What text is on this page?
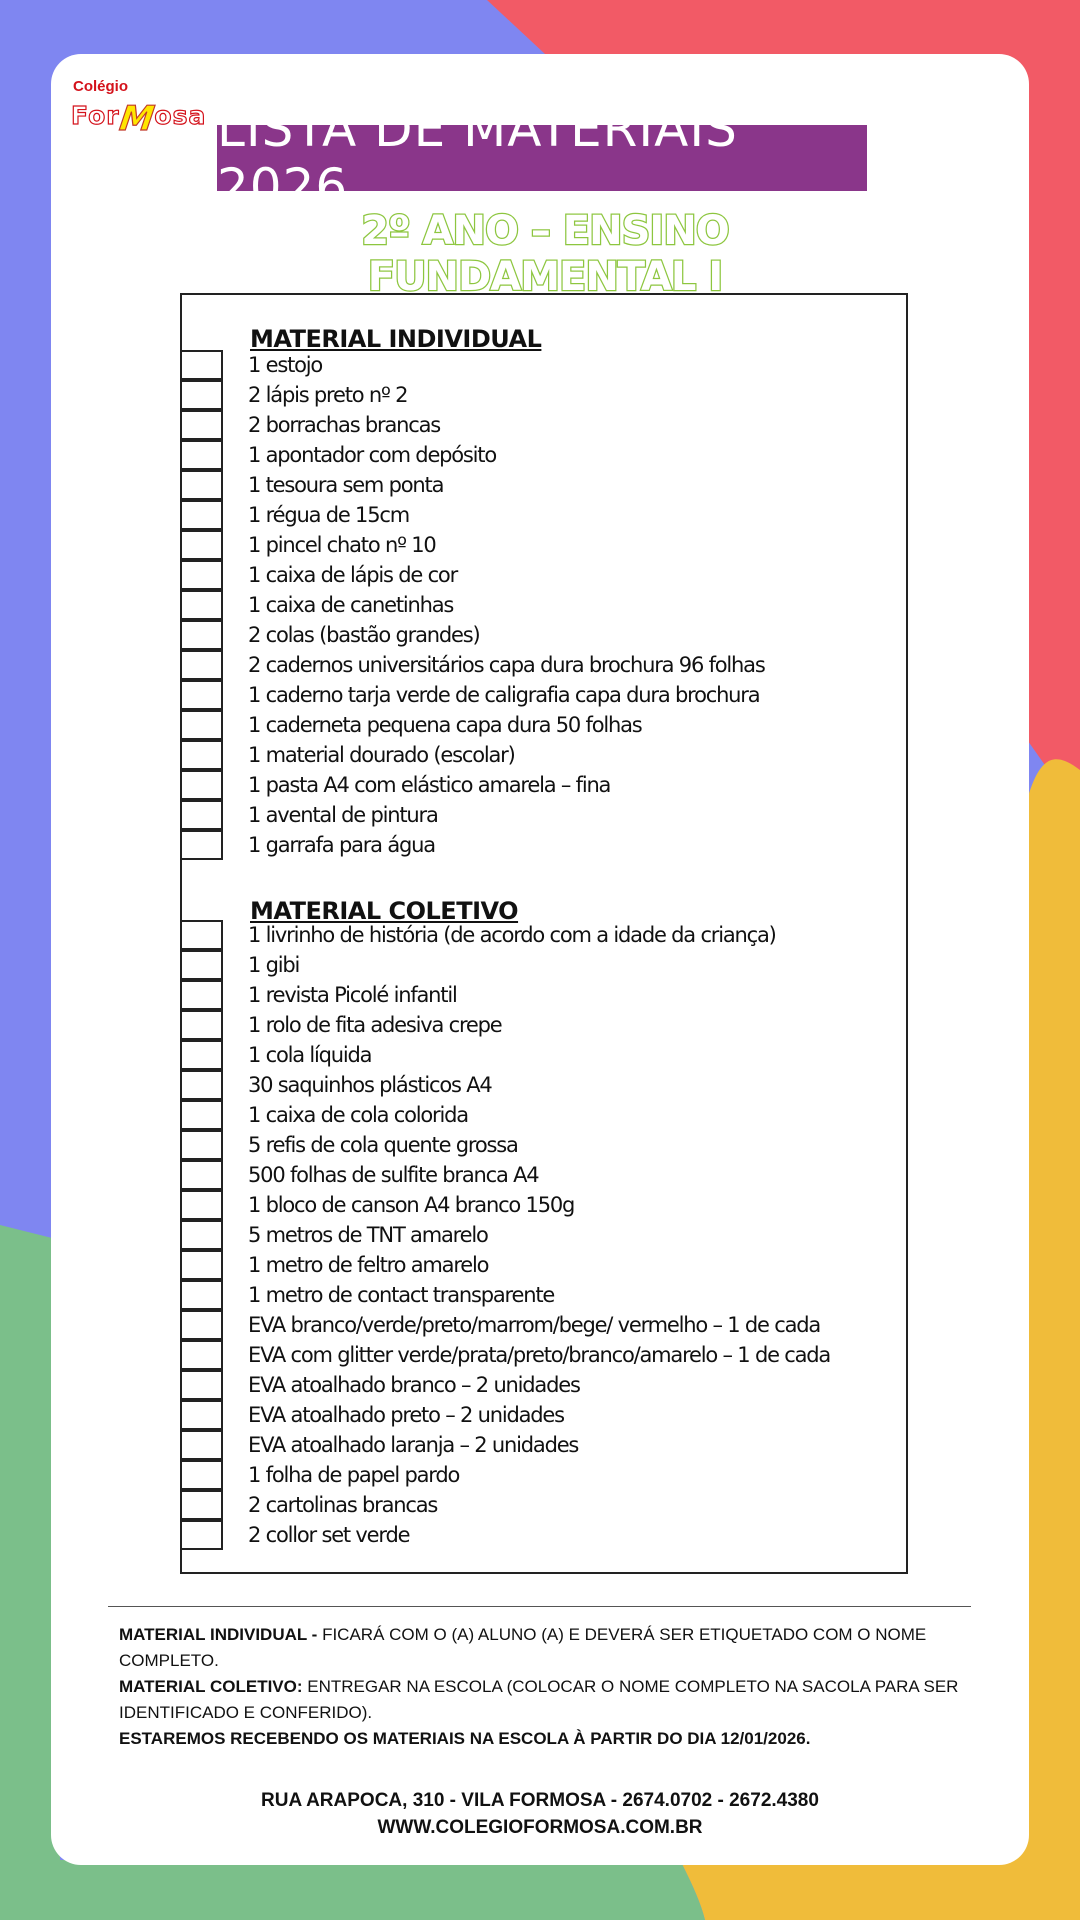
Colégio
ForMosa LISTA DE MATERIAIS 2026
2º ANO – ENSINO FUNDAMENTAL I
MATERIAL INDIVIDUAL
1 estojo
2 lápis preto nº 2
2 borrachas brancas
1 apontador com depósito
1 tesoura sem ponta
1 régua de 15cm
1 pincel chato nº 10
1 caixa de lápis de cor
1 caixa de canetinhas
2 colas (bastão grandes)
2 cadernos universitários capa dura brochura 96 folhas
1 caderno tarja verde de caligrafia capa dura brochura
1 caderneta pequena capa dura 50 folhas
1 material dourado (escolar)
1 pasta A4 com elástico amarela – fina
1 avental de pintura
1 garrafa para água
MATERIAL COLETIVO
1 livrinho de história (de acordo com a idade da criança)
1 gibi
1 revista Picolé infantil
1 rolo de fita adesiva crepe
1 cola líquida
30 saquinhos plásticos A4
1 caixa de cola colorida
5 refis de cola quente grossa
500 folhas de sulfite branca A4
1 bloco de canson A4 branco 150g
5 metros de TNT amarelo
1 metro de feltro amarelo
1 metro de contact transparente
EVA branco/verde/preto/marrom/bege/ vermelho – 1 de cada
EVA com glitter verde/prata/preto/branco/amarelo – 1 de cada
EVA atoalhado branco – 2 unidades
EVA atoalhado preto – 2 unidades
EVA atoalhado laranja – 2 unidades
1 folha de papel pardo
2 cartolinas brancas
2 collor set verde
MATERIAL INDIVIDUAL - FICARÁ COM O (A) ALUNO (A) E DEVERÁ SER ETIQUETADO COM O NOME COMPLETO.
MATERIAL COLETIVO: ENTREGAR NA ESCOLA (COLOCAR O NOME COMPLETO NA SACOLA PARA SER IDENTIFICADO E CONFERIDO).
ESTAREMOS RECEBENDO OS MATERIAIS NA ESCOLA À PARTIR DO DIA 12/01/2026.
RUA ARAPOCA, 310 - VILA FORMOSA - 2674.0702 - 2672.4380
WWW.COLEGIOFORMOSA.COM.BR
